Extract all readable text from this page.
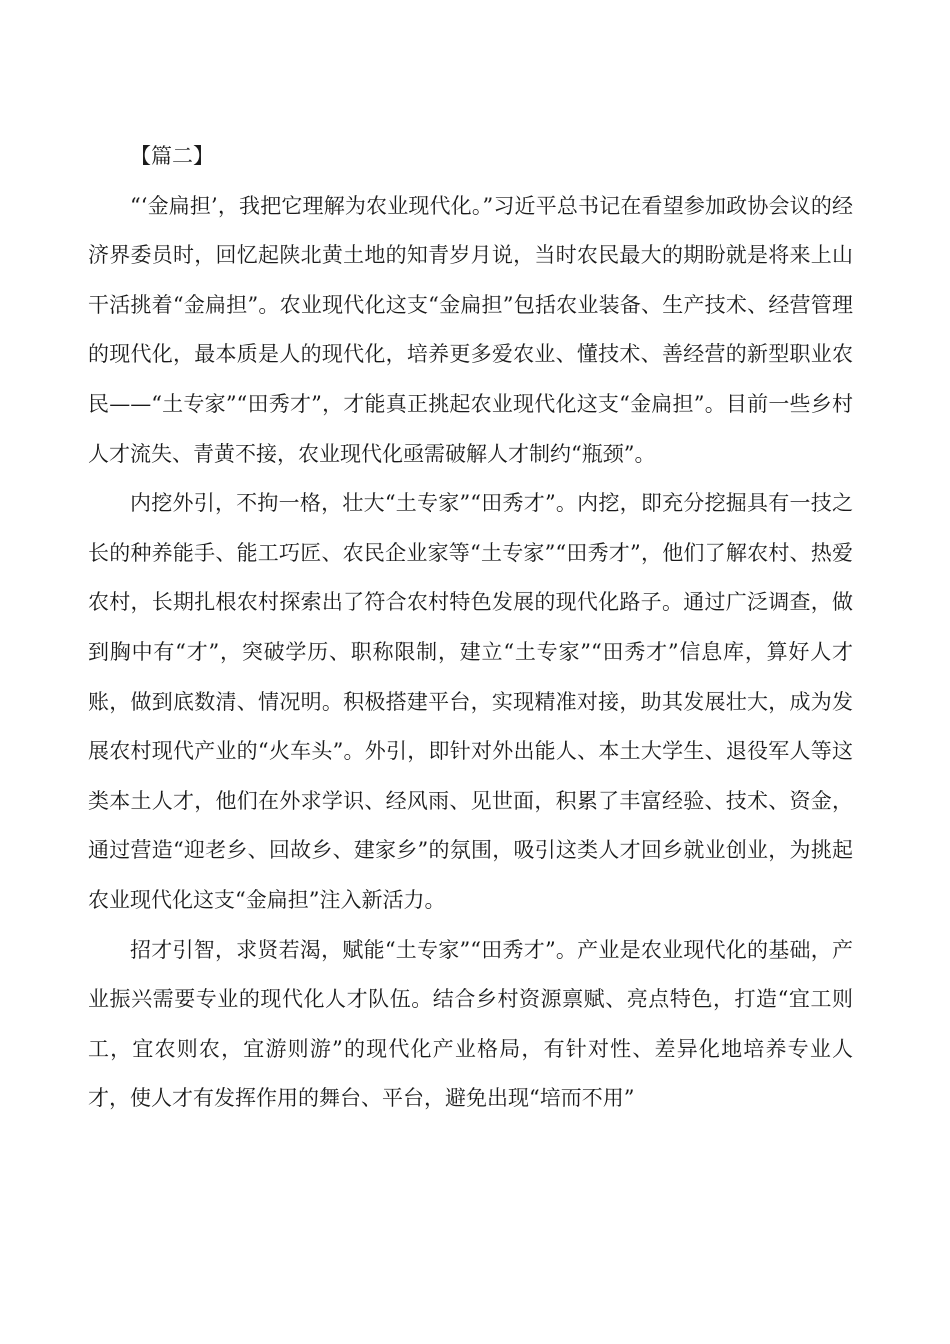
【篇二】

“‘金扁担’，我把它理解为农业现代化。”习近平总书记在看望参加政协会议的经济界委员时，回忆起陕北黄土地的知青岁月说，当时农民最大的期盼就是将来上山干活挑着“金扁担”。农业现代化这支“金扁担”包括农业装备、生产技术、经营管理的现代化，最本质是人的现代化，培养更多爱农业、懂技术、善经营的新型职业农民——“土专家”“田秀才”，才能真正挑起农业现代化这支“金扁担”。目前一些乡村人才流失、青黄不接，农业现代化亟需破解人才制约“瓶颈”。

内挖外引，不拘一格，壮大“土专家”“田秀才”。内挖，即充分挖掘具有一技之长的种养能手、能工巧匠、农民企业家等“土专家”“田秀才”，他们了解农村、热爱农村，长期扎根农村探索出了符合农村特色发展的现代化路子。通过广泛调查，做到胸中有“才”，突破学历、职称限制，建立“土专家”“田秀才”信息库，算好人才账，做到底数清、情况明。积极搭建平台，实现精准对接，助其发展壮大，成为发展农村现代产业的“火车头”。外引，即针对外出能人、本土大学生、退役军人等这类本土人才，他们在外求学识、经风雨、见世面，积累了丰富经验、技术、资金，通过营造“迎老乡、回故乡、建家乡”的氛围，吸引这类人才回乡就业创业，为挑起农业现代化这支“金扁担”注入新活力。

招才引智，求贤若渴，赋能“土专家”“田秀才”。产业是农业现代化的基础，产业振兴需要专业的现代化人才队伍。结合乡村资源禀赋、亮点特色，打造“宜工则工，宜农则农，宜游则游”的现代化产业格局，有针对性、差异化地培养专业人才，使人才有发挥作用的舞台、平台，避免出现“培而不用”
